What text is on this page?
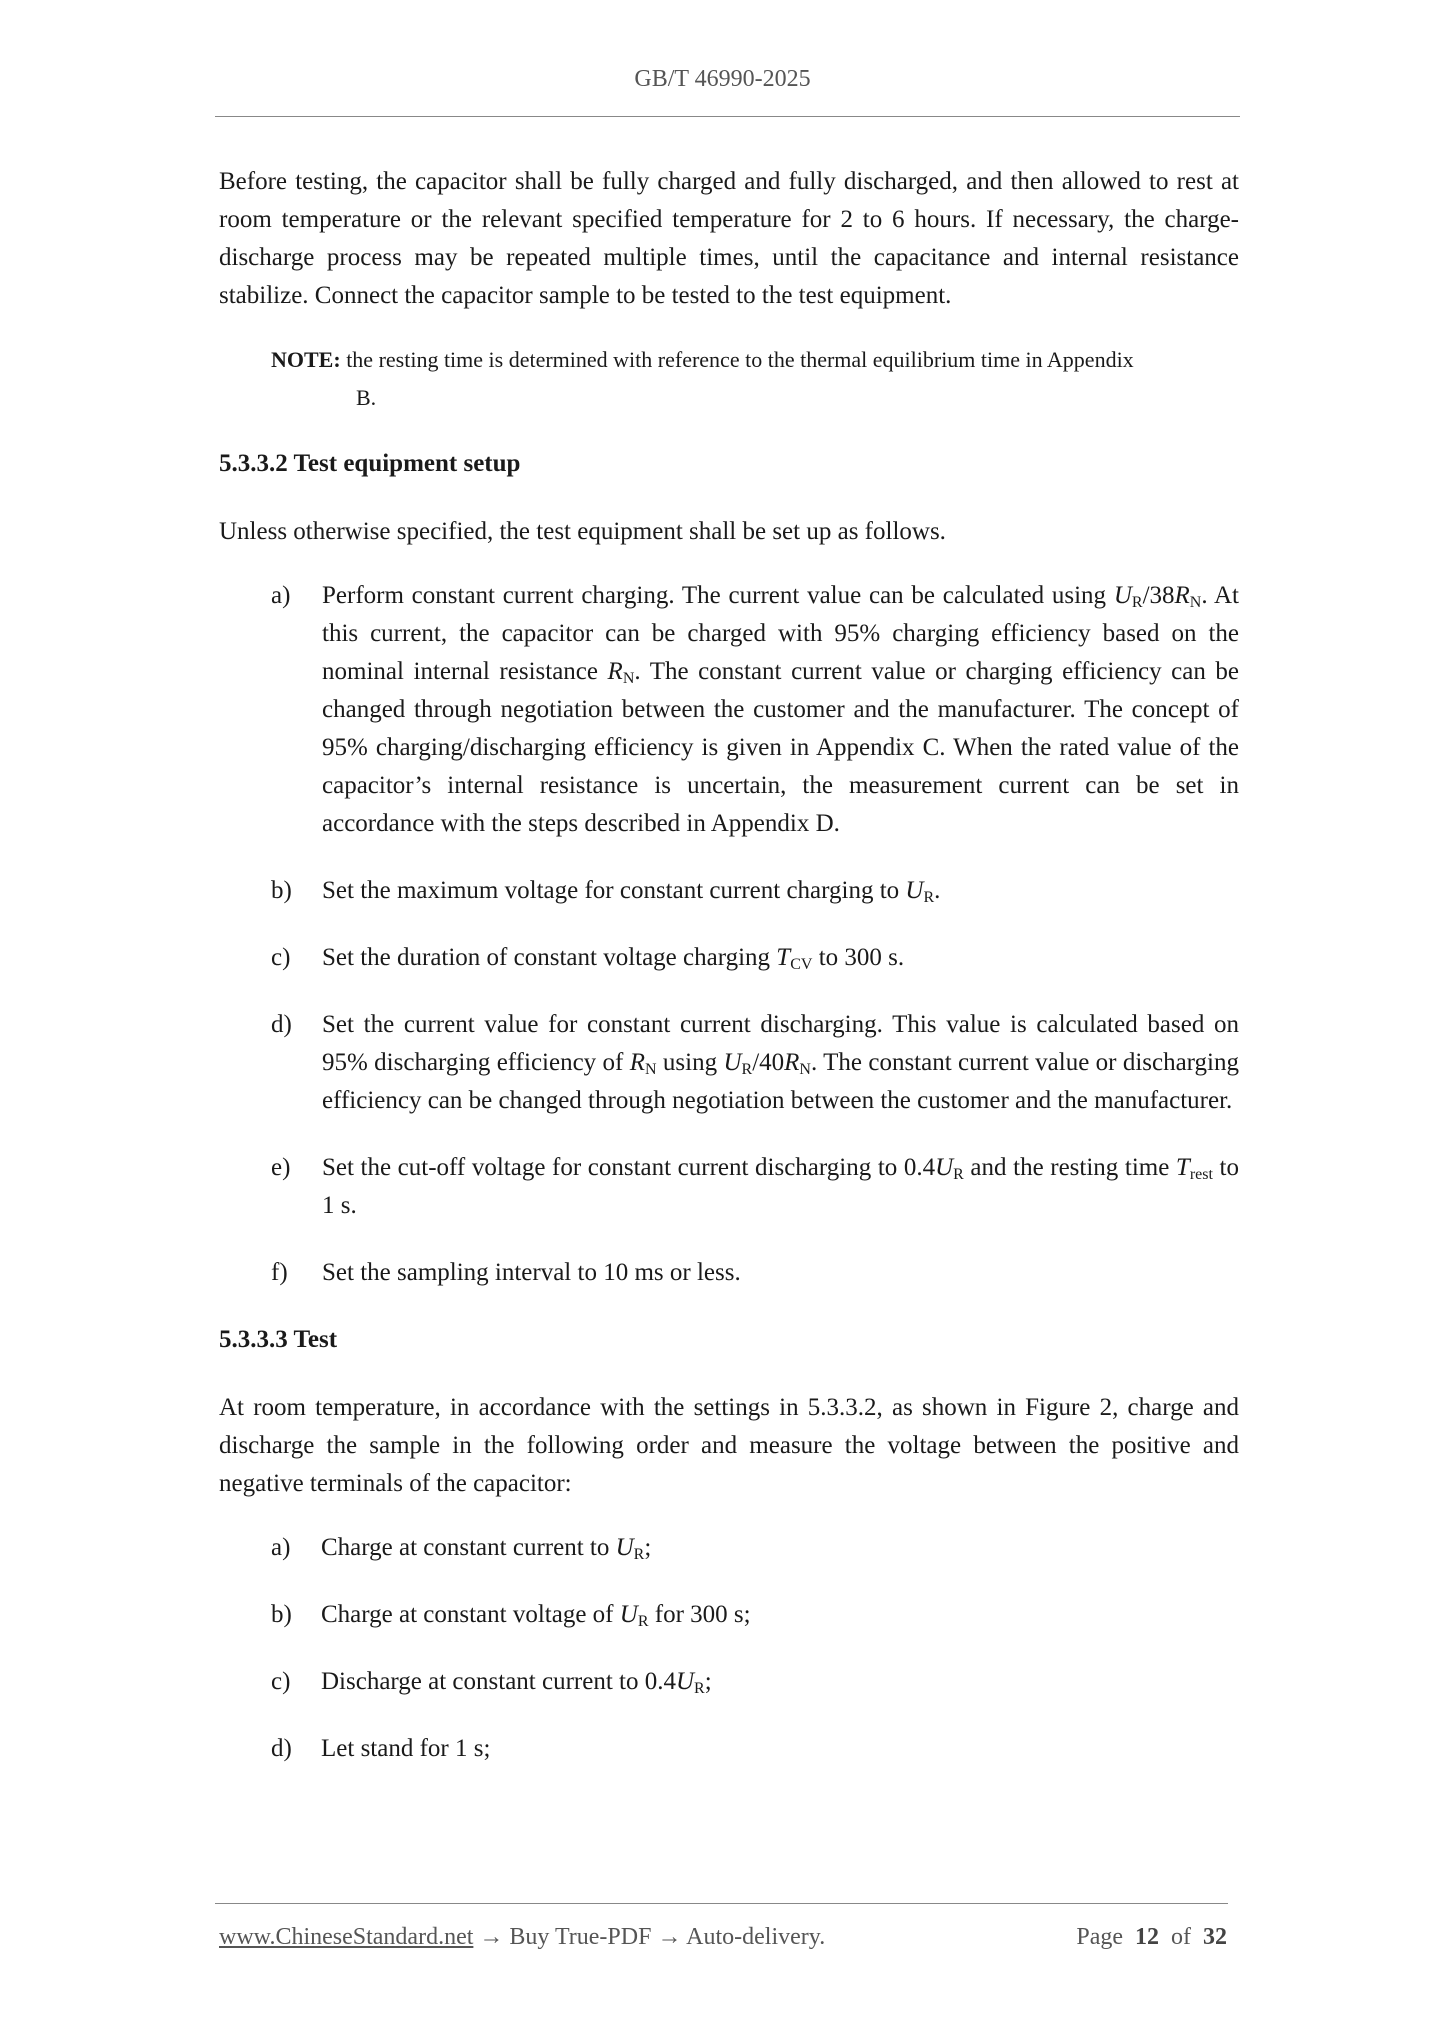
GB/T 46990-2025

Before testing, the capacitor shall be fully charged and fully discharged, and then allowed to rest at room temperature or the relevant specified temperature for 2 to 6 hours. If necessary, the charge-discharge process may be repeated multiple times, until the capacitance and internal resistance stabilize. Connect the capacitor sample to be tested to the test equipment.

NOTE: the resting time is determined with reference to the thermal equilibrium time in Appendix
B.

5.3.3.2 Test equipment setup

Unless otherwise specified, the test equipment shall be set up as follows.

a)	Perform constant current charging. The current value can be calculated using $U_R/38R_N$. At this current, the capacitor can be charged with 95% charging efficiency based on the nominal internal resistance $R_N$. The constant current value or charging efficiency can be changed through negotiation between the customer and the manufacturer. The concept of 95% charging/discharging efficiency is given in Appendix C. When the rated value of the capacitor’s internal resistance is uncertain, the measurement current can be set in accordance with the steps described in Appendix D.
b)	Set the maximum voltage for constant current charging to $U_R$.
c)	Set the duration of constant voltage charging $T_{CV}$ to 300 s.
d)	Set the current value for constant current discharging. This value is calculated based on 95% discharging efficiency of $R_N$ using $U_R/40R_N$. The constant current value or discharging efficiency can be changed through negotiation between the customer and the manufacturer.
e)	Set the cut-off voltage for constant current discharging to $0.4U_R$ and the resting time $T_{rest}$ to 1 s.
f)	Set the sampling interval to 10 ms or less.

5.3.3.3 Test

At room temperature, in accordance with the settings in 5.3.3.2, as shown in Figure 2, charge and discharge the sample in the following order and measure the voltage between the positive and negative terminals of the capacitor:

a)	Charge at constant current to $U_R$;
b)	Charge at constant voltage of $U_R$ for 300 s;
c)	Discharge at constant current to $0.4U_R$;
d)	Let stand for 1 s;
www.ChineseStandard.net → Buy True-PDF → Auto-delivery.	Page 12 of 32
